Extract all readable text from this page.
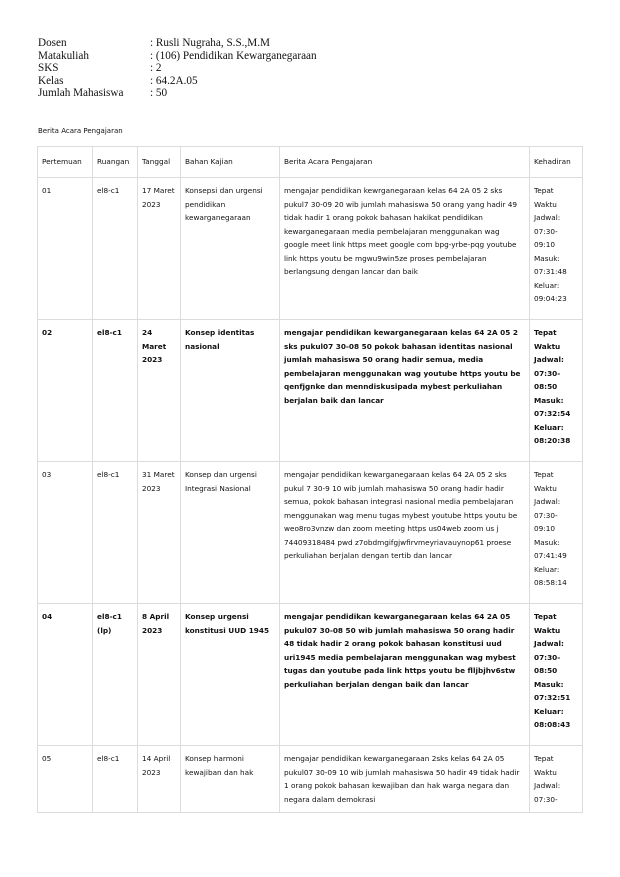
Dosen	: Rusli Nugraha, S.S.,M.M
Matakuliah	: (106) Pendidikan Kewarganegaraan
SKS	: 2
Kelas	: 64.2A.05
Jumlah Mahasiswa	: 50
Berita Acara Pengajaran
Pertemuan	Ruangan	Tanggal	Bahan Kajian	Berita Acara Pengajaran	Kehadiran
01	el8-c1	17 Maret 2023	Konsepsi dan urgensi pendidikan kewarganegaraan	mengajar pendidikan kewrganegaraan kelas 64 2A 05 2 sks pukul7 30-09 20 wib jumlah mahasiswa 50 orang yang hadir 49 tidak hadir 1 orang pokok bahasan hakikat pendidikan kewarganegaraan media pembelajaran menggunakan wag google meet link https meet google com bpg-yrbe-pqg youtube link https youtu be mgwu9win5ze proses pembelajaran berlangsung dengan lancar dan baik	Tepat Waktu Jadwal: 07:30-09:10 Masuk: 07:31:48 Keluar: 09:04:23
02	el8-c1	24 Maret 2023	Konsep identitas nasional	mengajar pendidikan kewarganegaraan kelas 64 2A 05 2 sks pukul07 30-08 50 pokok bahasan identitas nasional jumlah mahasiswa 50 orang hadir semua, media pembelajaran menggunakan wag youtube https youtu be qenfjgnke dan menndiskusipada mybest perkuliahan berjalan baik dan lancar	Tepat Waktu Jadwal: 07:30-08:50 Masuk: 07:32:54 Keluar: 08:20:38
03	el8-c1	31 Maret 2023	Konsep dan urgensi Integrasi Nasional	mengajar pendidikan kewarganegaraan kelas 64 2A 05 2 sks pukul 7 30-9 10 wib jumlah mahasiswa 50 orang hadir hadir semua, pokok bahasan integrasi nasional media pembelajaran menggunakan wag menu tugas mybest youtube https youtu be weo8ro3vnzw dan zoom meeting https us04web zoom us j 74409318484 pwd z7obdmgifgjwfirvmeyriavauynop61 proese perkuliahan berjalan dengan tertib dan lancar	Tepat Waktu Jadwal: 07:30-09:10 Masuk: 07:41:49 Keluar: 08:58:14
04	el8-c1 (lp)	8 April 2023	Konsep urgensi konstitusi UUD 1945	mengajar pendidikan kewarganegaraan kelas 64 2A 05 pukul07 30-08 50 wib jumlah mahasiswa 50 orang hadir 48 tidak hadir 2 orang pokok bahasan konstitusi uud uri1945 media pembelajaran menggunakan wag mybest tugas dan youtube pada link https youtu be flljbjhv6stw perkuliahan berjalan dengan baik dan lancar	Tepat Waktu Jadwal: 07:30-08:50 Masuk: 07:32:51 Keluar: 08:08:43
05	el8-c1	14 April 2023	Konsep harmoni kewajiban dan hak	mengajar pendidikan kewarganegaraan 2sks kelas 64 2A 05 pukul07 30-09 10 wib jumlah mahasiswa 50 hadir 49 tidak hadir 1 orang pokok bahasan kewajiban dan hak warga negara dan negara dalam demokrasi	Tepat Waktu Jadwal: 07:30-
